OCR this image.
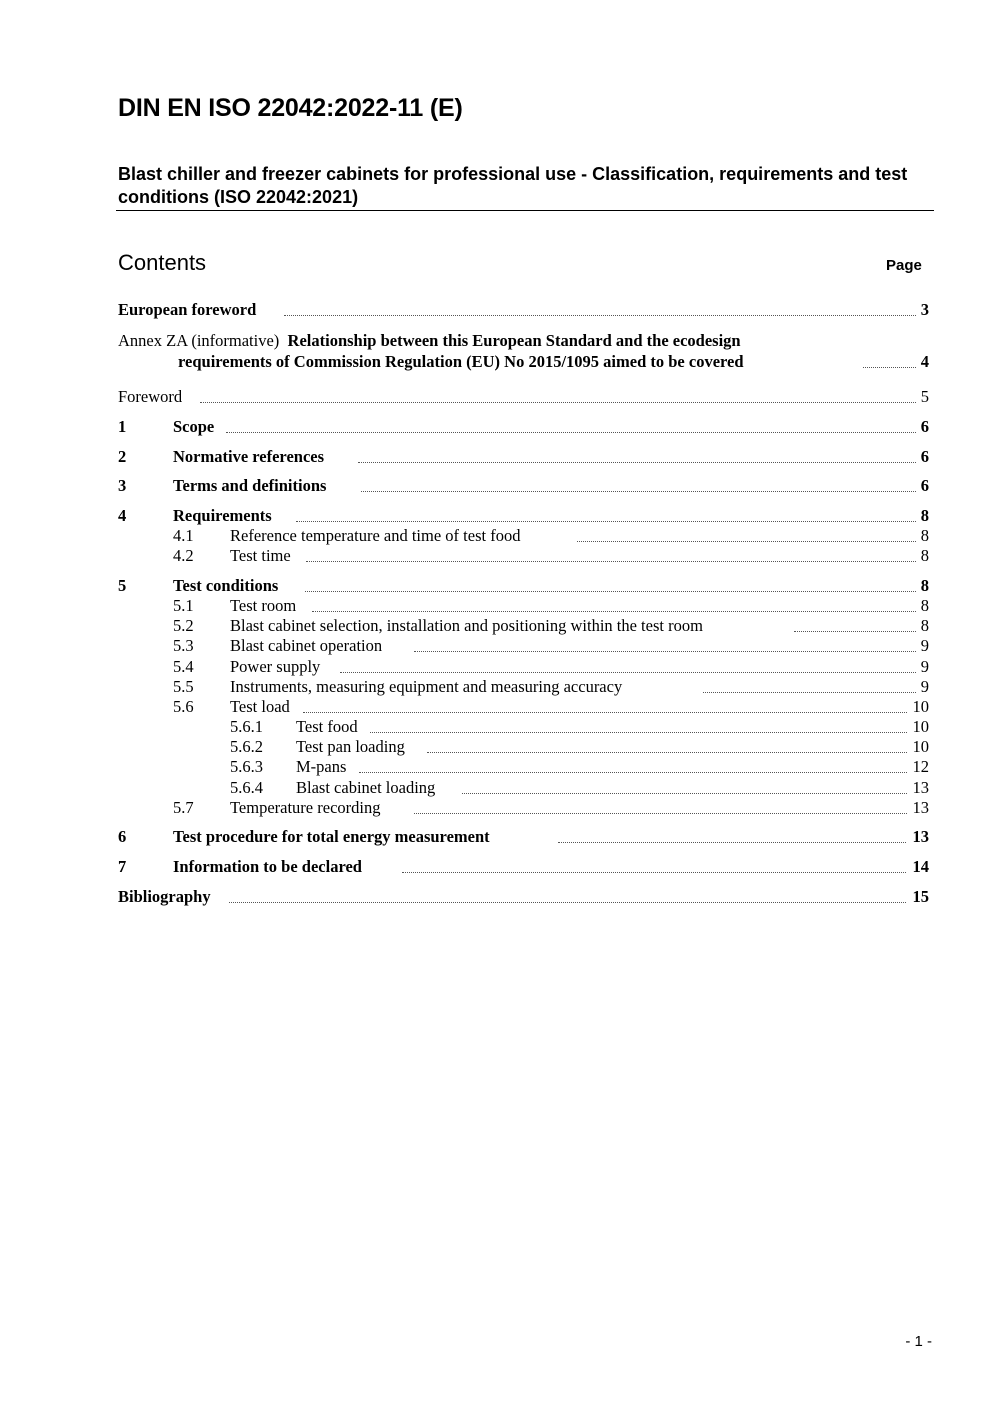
DIN EN ISO 22042:2022-11 (E)
Blast chiller and freezer cabinets for professional use - Classification, requirements and test conditions (ISO 22042:2021)
Contents	Page
European foreword	3
Annex ZA (informative) Relationship between this European Standard and the ecodesign
requirements of Commission Regulation (EU) No 2015/1095 aimed to be covered	4
Foreword	5
1	Scope	6
2	Normative references	6
3	Terms and definitions	6
4	Requirements	8
4.1 Reference temperature and time of test food	8
4.2 Test time	8
5	Test conditions	8
5.1 Test room	8
5.2 Blast cabinet selection, installation and positioning within the test room	8
5.3 Blast cabinet operation	9
5.4 Power supply	9
5.5 Instruments, measuring equipment and measuring accuracy	9
5.6 Test load	10
5.6.1 Test food	10
5.6.2 Test pan loading	10
5.6.3 M-pans	12
5.6.4 Blast cabinet loading	13
5.7 Temperature recording	13
6	Test procedure for total energy measurement	13
7	Information to be declared	14
Bibliography	15
- 1 -
